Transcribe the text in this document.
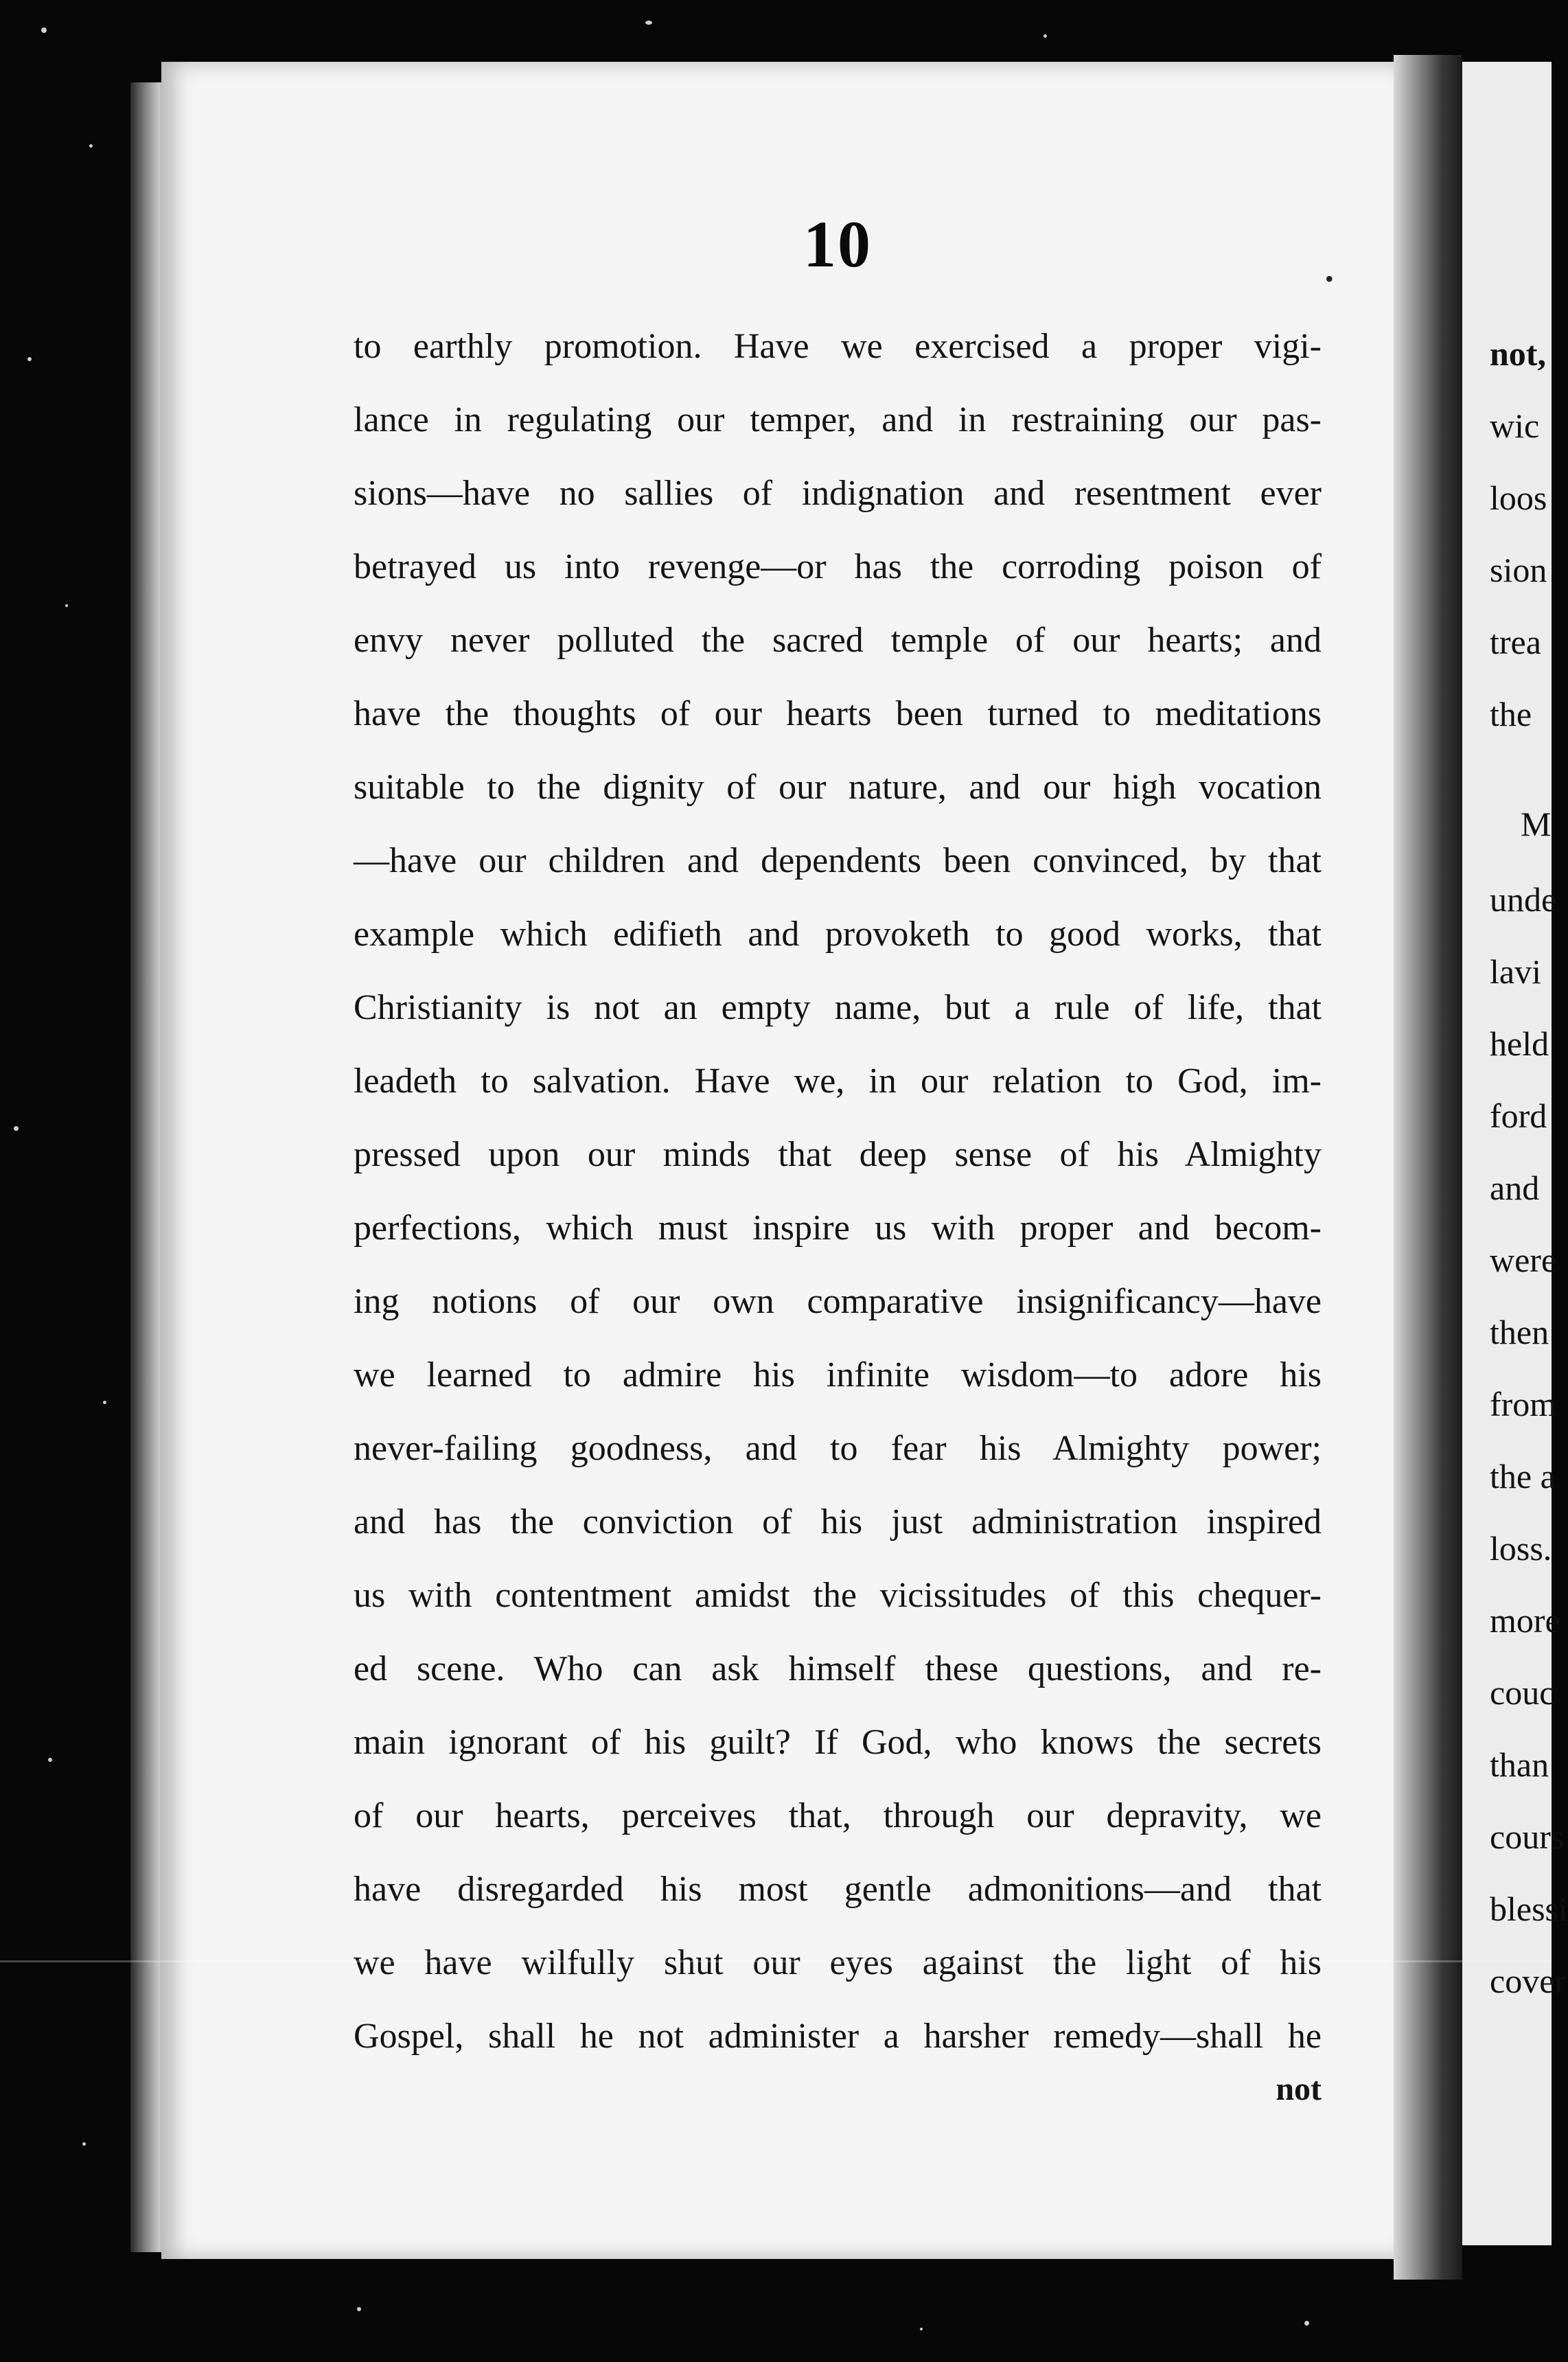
not,
wic
loos
sion
trea
the
M
unde
lavi
held
ford
and
were
then
from
the a
loss.
more
couc
than
cours
blessi
cover
10	•
to earthly promotion. Have we exercised a proper vigi-
lance in regulating our temper, and in restraining our pas-
sions—have no sallies of indignation and resentment ever
betrayed us into revenge—or has the corroding poison of
envy never polluted the sacred temple of our hearts; and
have the thoughts of our hearts been turned to meditations
suitable to the dignity of our nature, and our high vocation
—have our children and dependents been convinced, by that
example which edifieth and provoketh to good works, that
Christianity is not an empty name, but a rule of life, that
leadeth to salvation. Have we, in our relation to God, im-
pressed upon our minds that deep sense of his Almighty
perfections, which must inspire us with proper and becom-
ing notions of our own comparative insignificancy—have
we learned to admire his infinite wisdom—to adore his
never-failing goodness, and to fear his Almighty power;
and has the conviction of his just administration inspired
us with contentment amidst the vicissitudes of this chequer-
ed scene. Who can ask himself these questions, and re-
main ignorant of his guilt? If God, who knows the secrets
of our hearts, perceives that, through our depravity, we
have disregarded his most gentle admonitions—and that
we have wilfully shut our eyes against the light of his
Gospel, shall he not administer a harsher remedy—shall he
not
